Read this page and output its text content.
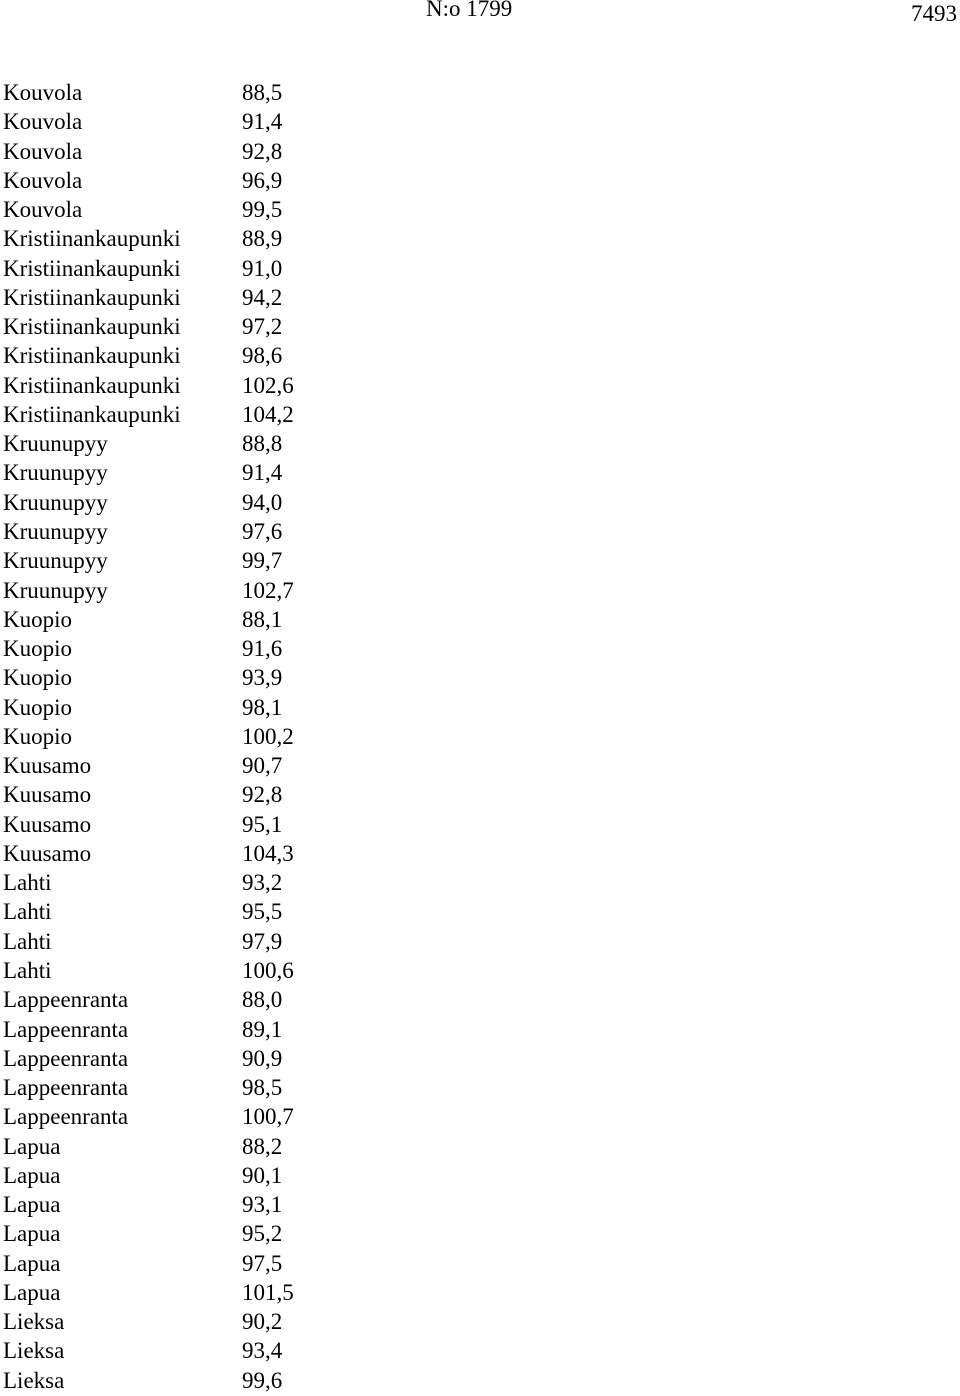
N:o 1799	7493
Kouvola	88,5
Kouvola	91,4
Kouvola	92,8
Kouvola	96,9
Kouvola	99,5
Kristiinankaupunki	88,9
Kristiinankaupunki	91,0
Kristiinankaupunki	94,2
Kristiinankaupunki	97,2
Kristiinankaupunki	98,6
Kristiinankaupunki	102,6
Kristiinankaupunki	104,2
Kruunupyy	88,8
Kruunupyy	91,4
Kruunupyy	94,0
Kruunupyy	97,6
Kruunupyy	99,7
Kruunupyy	102,7
Kuopio	88,1
Kuopio	91,6
Kuopio	93,9
Kuopio	98,1
Kuopio	100,2
Kuusamo	90,7
Kuusamo	92,8
Kuusamo	95,1
Kuusamo	104,3
Lahti	93,2
Lahti	95,5
Lahti	97,9
Lahti	100,6
Lappeenranta	88,0
Lappeenranta	89,1
Lappeenranta	90,9
Lappeenranta	98,5
Lappeenranta	100,7
Lapua	88,2
Lapua	90,1
Lapua	93,1
Lapua	95,2
Lapua	97,5
Lapua	101,5
Lieksa	90,2
Lieksa	93,4
Lieksa	99,6
